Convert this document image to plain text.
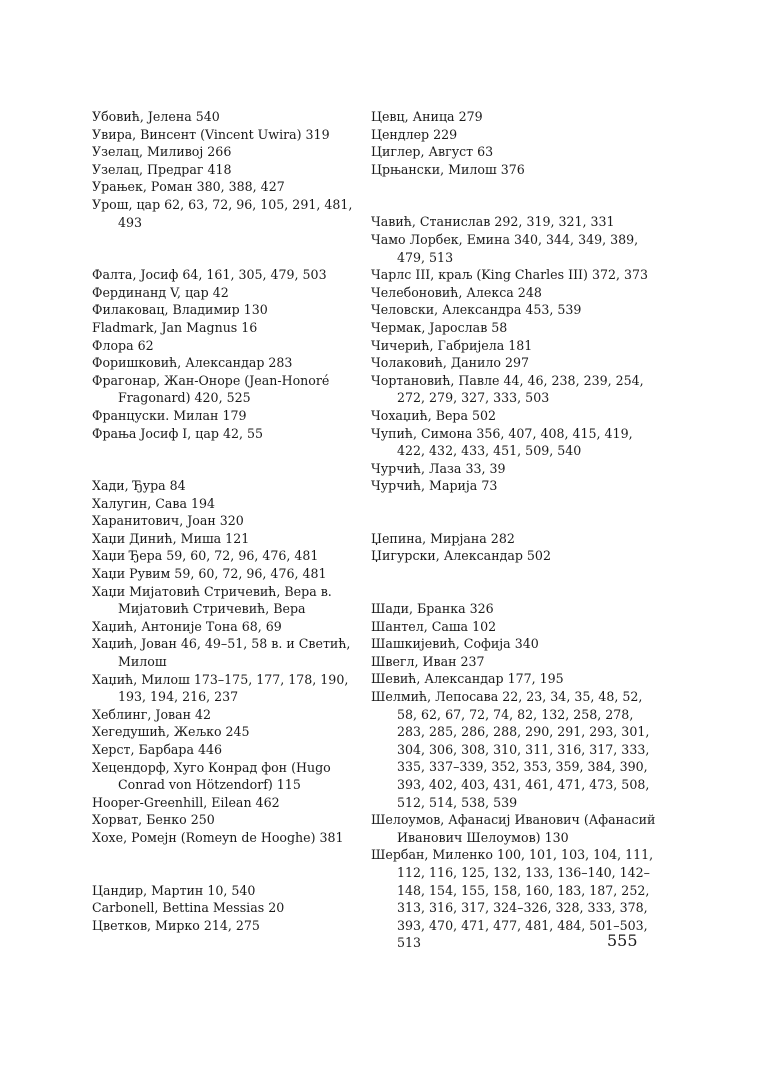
Убовић, Јелена 540
Увира, Винсент (Vincent Uwira) 319
Узелац, Миливој 266
Узелац, Предраг 418
Урањек, Роман 380, 388, 427
Урош, цар 62, 63, 72, 96, 105, 291, 481, 493
Фалта, Јосиф 64, 161, 305, 479, 503
Фердинанд V, цар 42
Филаковац, Владимир 130
Fladmark, Jan Magnus 16
Флора 62
Форишковић, Александар 283
Фрагонар, Жан-Оноре (Jean-Honoré Fragonard) 420, 525
Француски. Милан 179
Фрања Јосиф I, цар 42, 55
Хади, Ђура 84
Халугин, Сава 194
Харанитович, Јоан 320
Хаџи Динић, Миша 121
Хаџи Ђера 59, 60, 72, 96, 476, 481
Хаџи Рувим 59, 60, 72, 96, 476, 481
Хаџи Мијатовић Стричевић, Вера в. Мијатовић Стричевић, Вера
Хаџић, Антоније Тона 68, 69
Хаџић, Јован 46, 49–51, 58 в. и Светић, Милош
Хаџић, Милош 173–175, 177, 178, 190, 193, 194, 216, 237
Хеблинг, Јован 42
Хегедушић, Жељко 245
Херст, Барбара 446
Хецендорф, Хуго Конрад фон (Hugo Conrad von Hötzendorf) 115
Hooper-Greenhill, Eilean 462
Хорват, Бенко 250
Хохе, Ромејн (Romeyn de Hooghe) 381
Цандир, Мартин 10, 540
Carbonell, Bettina Messias 20
Цветков, Мирко 214, 275
Цевц, Аница 279
Цендлер 229
Циглер, Август 63
Црњански, Милош 376
Чавић, Станислав 292, 319, 321, 331
Чамо Лорбек, Емина 340, 344, 349, 389, 479, 513
Чарлс III, краљ (King Charles III) 372, 373
Челебоновић, Алекса 248
Человски, Александра 453, 539
Чермак, Јарослав 58
Чичерић, Габријела 181
Чолаковић, Данило 297
Чортановић, Павле 44, 46, 238, 239, 254, 272, 279, 327, 333, 503
Чохаџић, Вера 502
Чупић, Симона 356, 407, 408, 415, 419, 422, 432, 433, 451, 509, 540
Чурчић, Лаза 33, 39
Чурчић, Марија 73
Џепина, Мирјана 282
Џигурски, Александар 502
Шади, Бранка 326
Шантел, Саша 102
Шашкијевић, Софија 340
Швегл, Иван 237
Шевић, Александар 177, 195
Шелмић, Лепосава 22, 23, 34, 35, 48, 52, 58, 62, 67, 72, 74, 82, 132, 258, 278, 283, 285, 286, 288, 290, 291, 293, 301, 304, 306, 308, 310, 311, 316, 317, 333, 335, 337–339, 352, 353, 359, 384, 390, 393, 402, 403, 431, 461, 471, 473, 508, 512, 514, 538, 539
Шелоумов, Афанасиј Иванович (Афанасий Иванович Шелоумов) 130
Шербан, Миленко 100, 101, 103, 104, 111, 112, 116, 125, 132, 133, 136–140, 142–148, 154, 155, 158, 160, 183, 187, 252, 313, 316, 317, 324–326, 328, 333, 378, 393, 470, 471, 477, 481, 484, 501–503, 513	555
